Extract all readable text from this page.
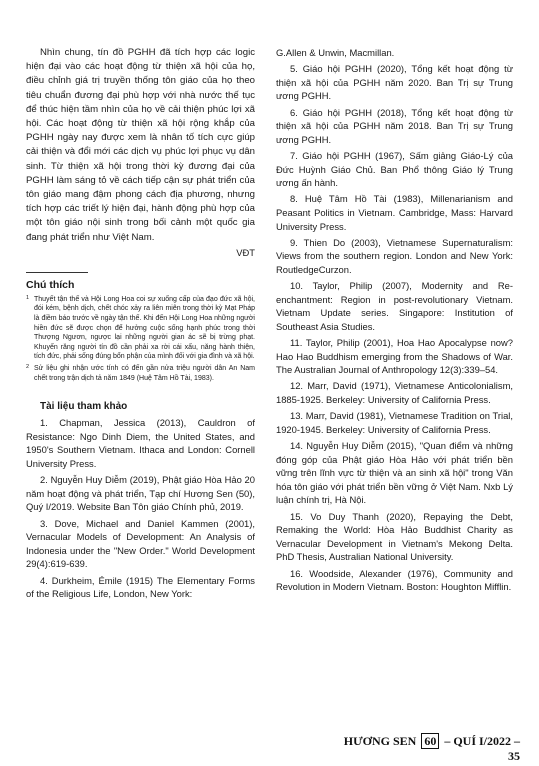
Nhìn chung, tín đồ PGHH đã tích hợp các logic hiện đại vào các hoạt động từ thiện xã hội của họ, điều chỉnh giá trị truyền thống tôn giáo của họ theo tiêu chuẩn đương đại phù hợp với nhà nước thế tục để thúc hiện tầm nhìn của họ về cải thiện phúc lợi xã hội. Các hoạt động từ thiện xã hội rộng khắp của PGHH ngày nay được xem là nhân tố tích cực giúp cải thiện và đổi mới các dịch vụ phúc lợi phục vụ dân sinh. Từ thiện xã hội trong thời kỳ đương đại của PGHH làm sáng tỏ về cách tiếp cận sự phát triển của tôn giáo mang đậm phong cách địa phương, nhưng tích hợp các triết lý hiện đại, hành động phù hợp của một tôn giáo nội sinh trong bối cảnh một quốc gia đang phát triển như Việt Nam.

VĐT

Chú thích

1 Thuyết tận thế và Hội Long Hoa coi sự xuống cấp của đạo đức xã hội, đói kém, bệnh dịch, chết chóc xảy ra liên miên trong thời kỳ Mạt Pháp là điềm báo trước về ngày tận thế. Khi đến Hội Long Hoa những người hiền đức sẽ được chọn để hưởng cuộc sống hạnh phúc trong thời Thượng Ngươn, ngược lại những người gian ác sẽ bị trừng phạt. Khuyến răng người tín đồ cần phải xa rời cái xấu, năng hành thiện, tích đức, phải sống đúng bổn phận của mình đối với gia đình và xã hội.

2 Sử liệu ghi nhận ước tính có đến gần nửa triệu người dân An Nam chết trong trận dịch tả năm 1849 (Huệ Tâm Hồ Tài, 1983).

Tài liệu tham khảo

1. Chapman, Jessica (2013), Cauldron of Resistance: Ngo Dinh Diem, the United States, and 1950's Southern Vietnam. Ithaca and London: Cornell University Press.

2. Nguyễn Huy Diễm (2019), Phật giáo Hòa Hảo 20 năm hoạt động và phát triển, Tạp chí Hương Sen (50), Quý I/2019. Website Ban Tôn giáo Chính phủ, 2019.

3. Dove, Michael and Daniel Kammen (2001), Vernacular Models of Development: An Analysis of Indonesia under the "New Order." World Development 29(4):619-639.

4. Durkheim, Émile (1915) The Elementary Forms of the Religious Life, London, New York:

G.Allen & Unwin, Macmillan.

5. Giáo hội PGHH (2020), Tổng kết hoạt động từ thiện xã hội của PGHH năm 2020. Ban Trị sự Trung ương PGHH.

6. Giáo hội PGHH (2018), Tổng kết hoạt động từ thiện xã hội của PGHH năm 2018. Ban Trị sự Trung ương PGHH.

7. Giáo hội PGHH (1967), Sấm giảng Giáo-Lý của Đức Huỳnh Giáo Chủ. Ban Phổ thông Giáo lý Trung ương ấn hành.

8. Huệ Tâm Hồ Tài (1983), Millenarianism and Peasant Politics in Vietnam. Cambridge, Mass: Harvard University Press.

9. Thien Do (2003), Vietnamese Supernaturalism: Views from the southern region. London and New York: RoutledgeCurzon.

10. Taylor, Philip (2007), Modernity and Re-enchantment: Region in post-revolutionary Vietnam. Vietnam Update series. Singapore: Institution of Southeast Asia Studies.

11. Taylor, Philip (2001), Hoa Hao Apocalypse now? Hao Hao Buddhism emerging from the Shadows of War. The Australian Journal of Anthropology 12(3):339–54.

12. Marr, David (1971), Vietnamese Anticolonialism, 1885-1925. Berkeley: University of California Press.

13. Marr, David (1981), Vietnamese Tradition on Trial, 1920-1945. Berkeley: University of California Press.

14. Nguyễn Huy Diễm (2015), "Quan điểm và những đóng góp của Phật giáo Hòa Hảo với phát triển bền vững trên lĩnh vực từ thiện và an sinh xã hội" trong Văn hóa tôn giáo với phát triển bền vững ở Việt Nam. Nxb Lý luận chính trị, Hà Nội.

15. Vo Duy Thanh (2020), Repaying the Debt, Remaking the World: Hòa Hảo Buddhist Charity as Vernacular Development in Vietnam's Mekong Delta. PhD Thesis, Australian National University.

16. Woodside, Alexander (1976), Community and Revolution in Modern Vietnam. Boston: Houghton Mifflin.

HƯƠNG SEN 60 – QUÍ I/2022 – 35
